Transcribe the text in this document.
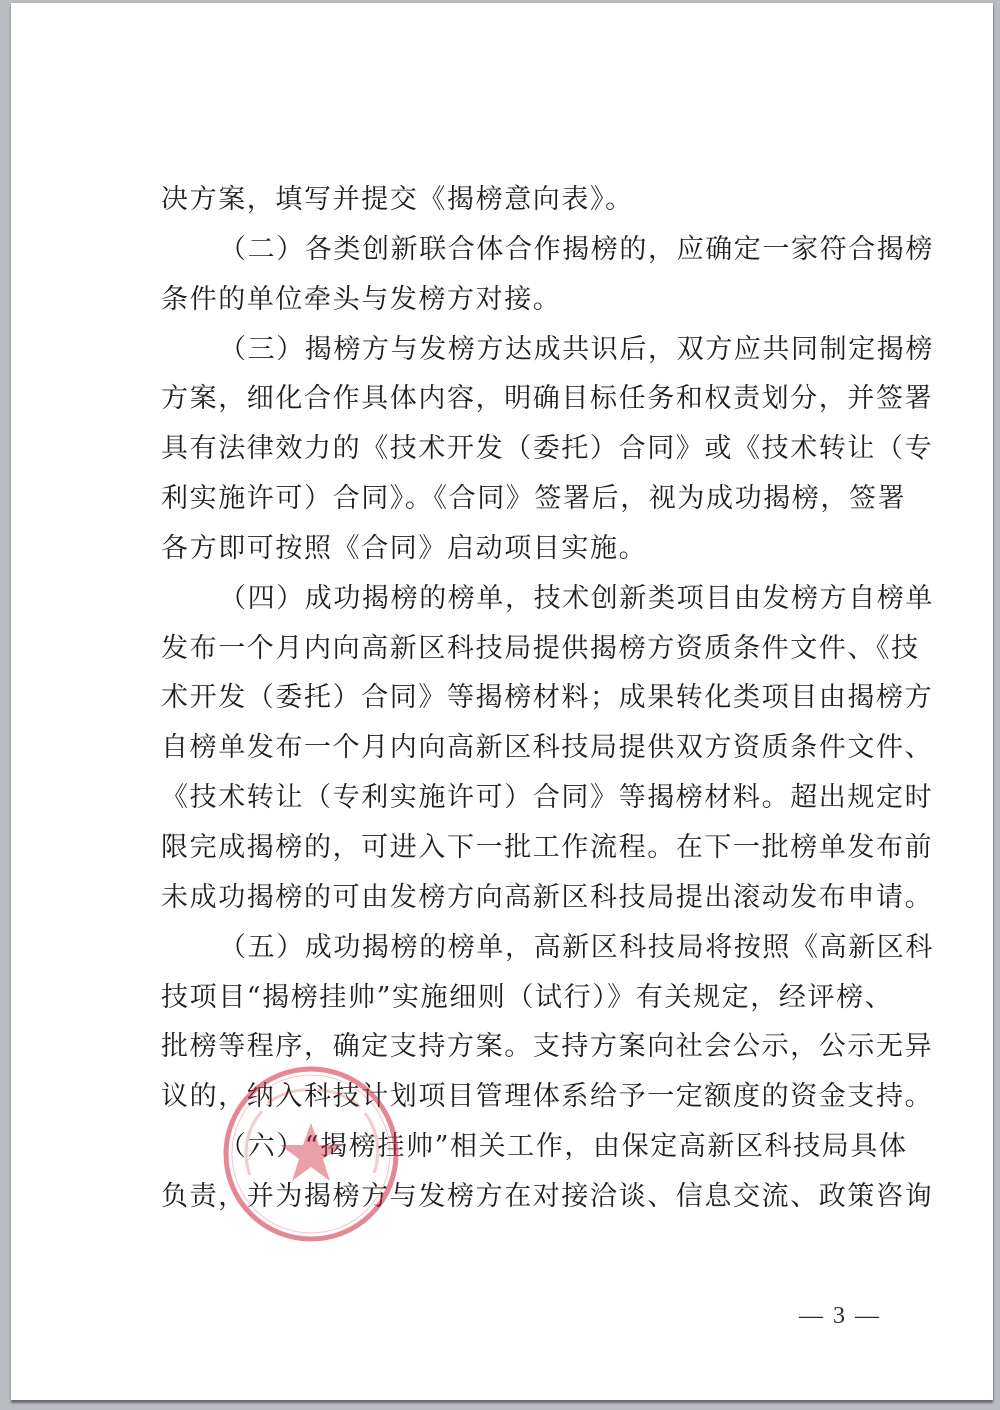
决方案，填写并提交《揭榜意向表》。
（二）各类创新联合体合作揭榜的，应确定一家符合揭榜
条件的单位牵头与发榜方对接。
（三）揭榜方与发榜方达成共识后，双方应共同制定揭榜
方案，细化合作具体内容，明确目标任务和权责划分，并签署
具有法律效力的《技术开发（委托）合同》或《技术转让（专
利实施许可）合同》。《合同》签署后，视为成功揭榜，签署
各方即可按照《合同》启动项目实施。
（四）成功揭榜的榜单，技术创新类项目由发榜方自榜单
发布一个月内向高新区科技局提供揭榜方资质条件文件、《技
术开发（委托）合同》等揭榜材料；成果转化类项目由揭榜方
自榜单发布一个月内向高新区科技局提供双方资质条件文件、
《技术转让（专利实施许可）合同》等揭榜材料。超出规定时
限完成揭榜的，可进入下一批工作流程。在下一批榜单发布前
未成功揭榜的可由发榜方向高新区科技局提出滚动发布申请。
（五）成功揭榜的榜单，高新区科技局将按照《高新区科
技项目“揭榜挂帅”实施细则（试行）》有关规定，经评榜、
批榜等程序，确定支持方案。支持方案向社会公示，公示无异
议的，纳入科技计划项目管理体系给予一定额度的资金支持。
（六）“揭榜挂帅”相关工作，由保定高新区科技局具体
负责，并为揭榜方与发榜方在对接洽谈、信息交流、政策咨询
— 3 —
